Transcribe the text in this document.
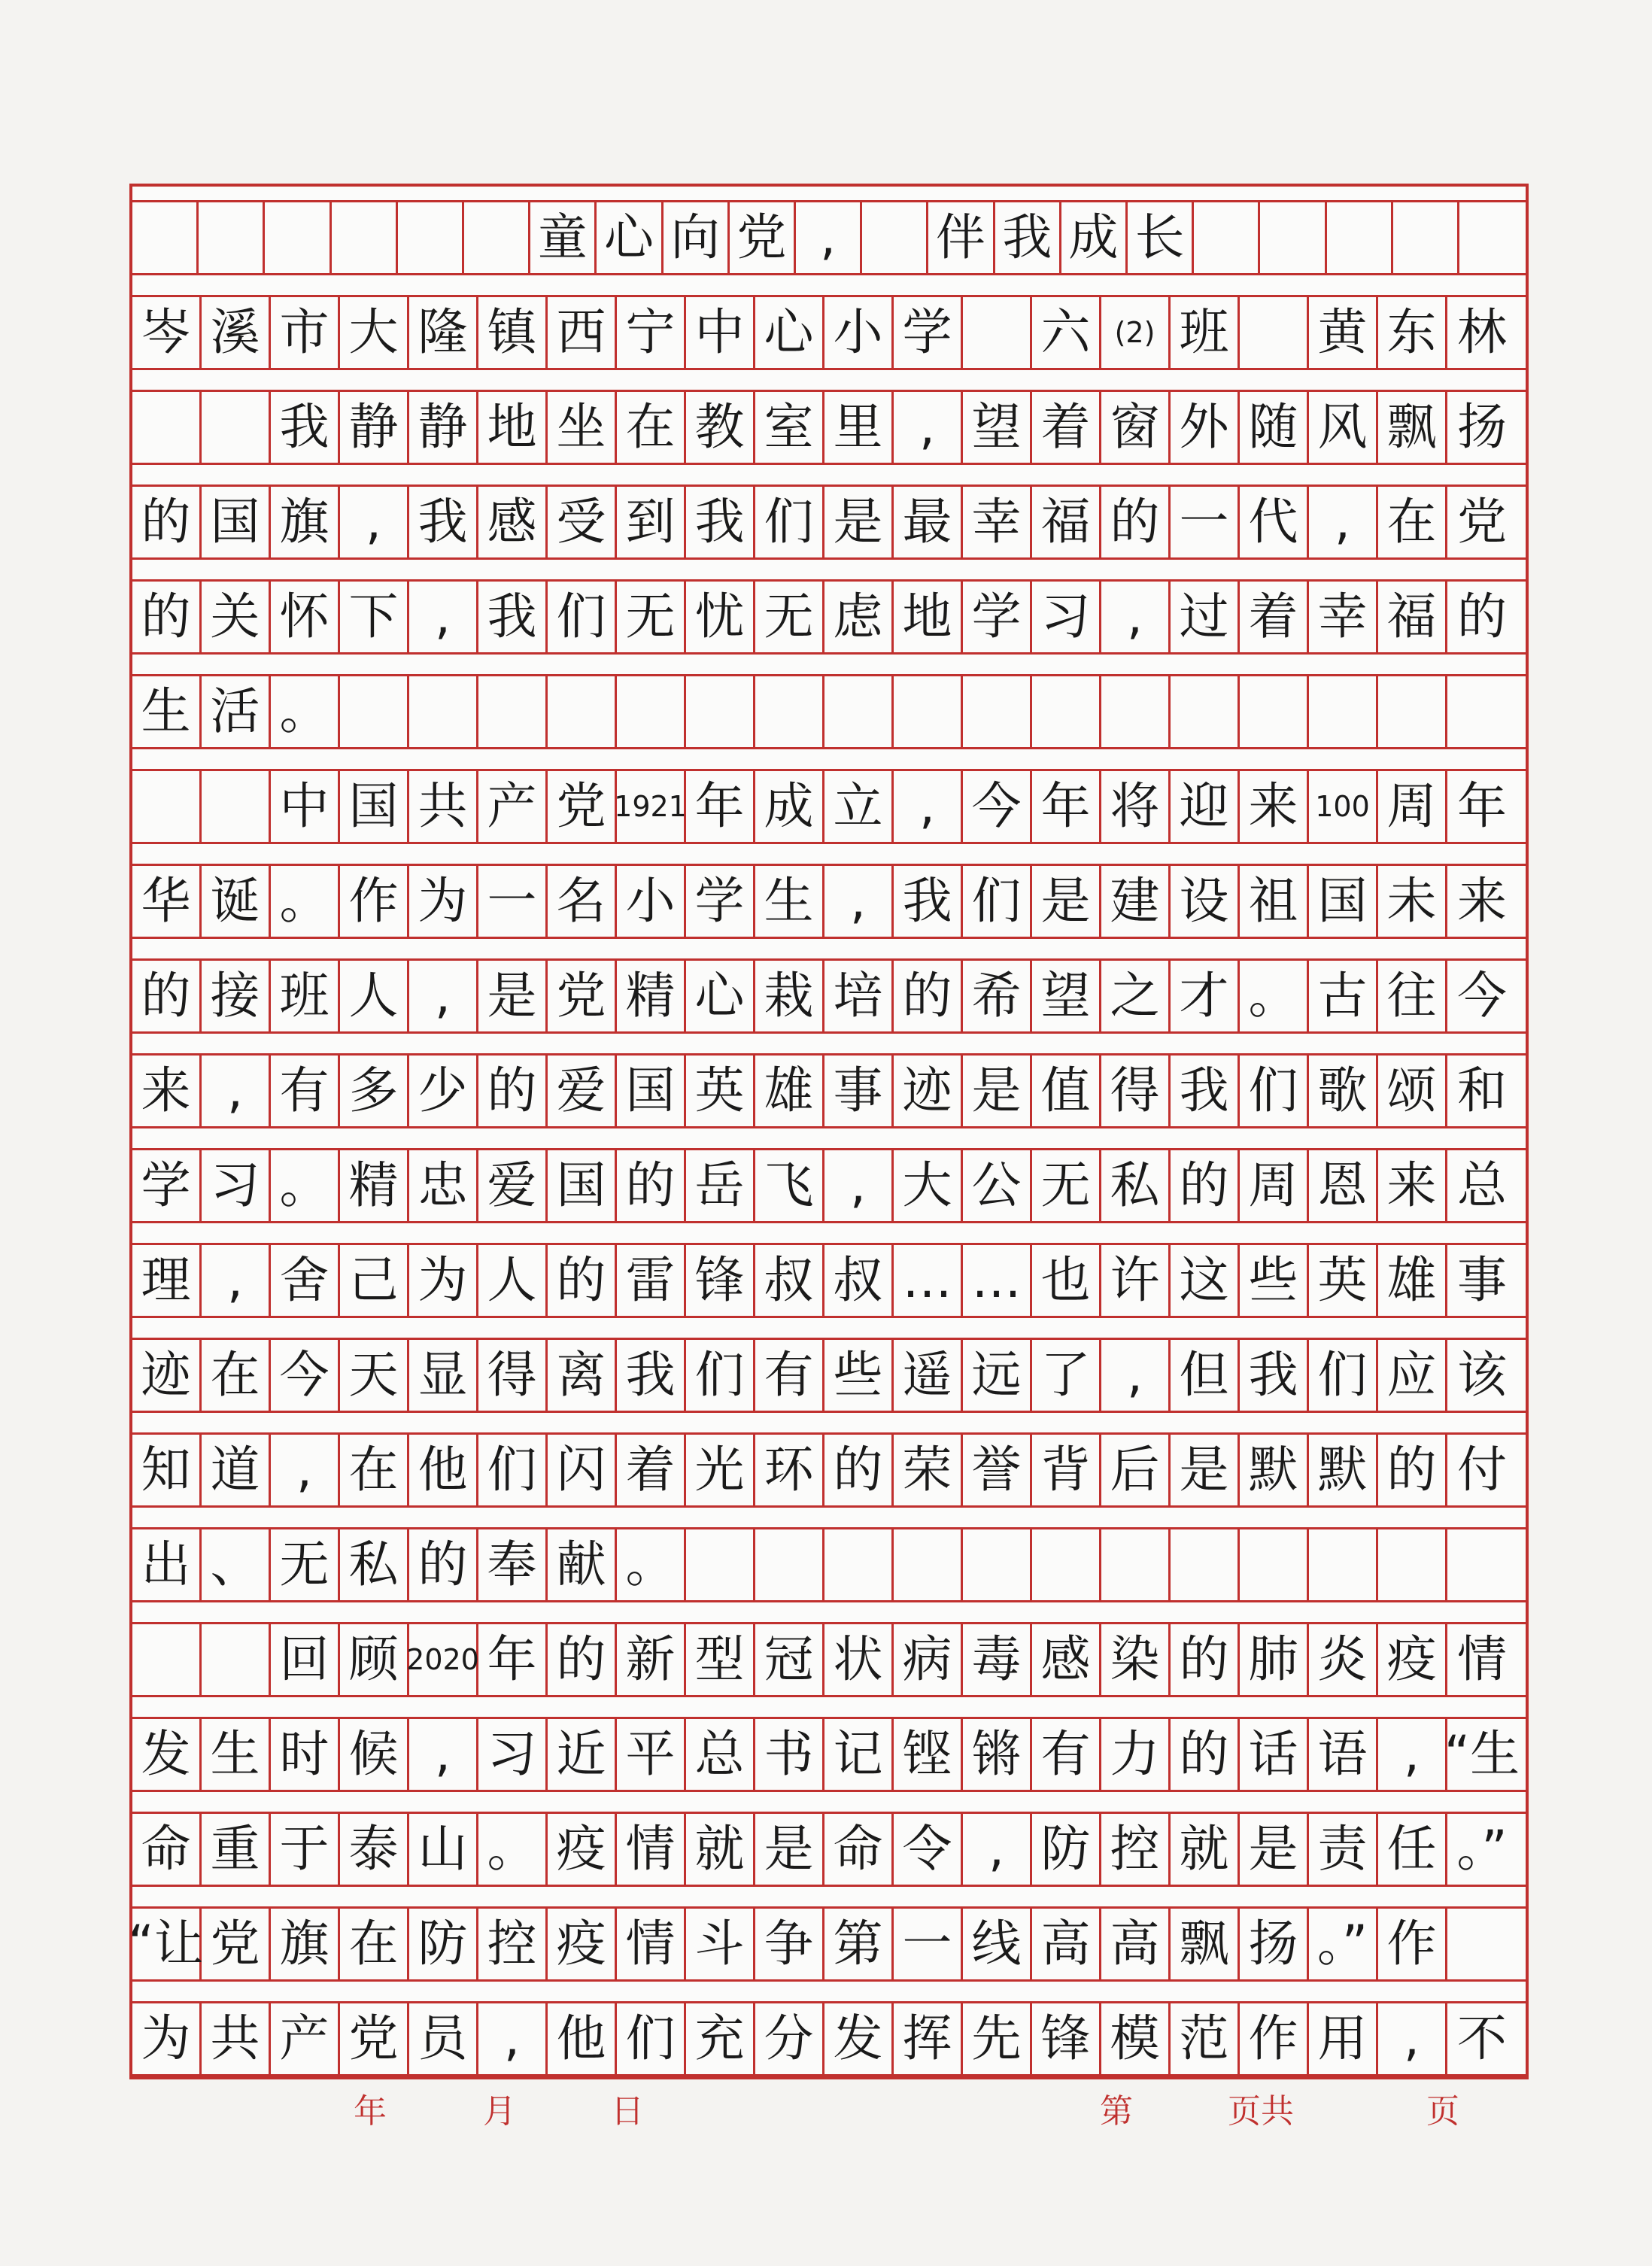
童 心 向 党 ,	伴 我 成 长
岑 溪 市 大 隆 镇 西 宁 中 心 小 学 六 (2) 班 黄 东 林
我 静 静 地 坐 在 教 室 里 , 望 着 窗 外 随 风 飘 扬
的 国 旗 , 我 感 受 到 我 们 是 最 幸 福 的 一 代 , 在 党
的 关 怀 下 , 我 们 无 忧 无 虑 地 学 习 , 过 着 幸 福 的
生 活 。
中 国 共 产 党 1921 年 成 立 , 今 年 将 迎 来 100 周 年
华 诞 。 作 为 一 名 小 学 生 , 我 们 是 建 设 祖 国 未 来
的 接 班 人 , 是 党 精 心 栽 培 的 希 望 之 才 。 古 往 今
来 , 有 多 少 的 爱 国 英 雄 事 迹 是 值 得 我 们 歌 颂 和
学 习 。 精 忠 爱 国 的 岳 飞 , 大 公 无 私 的 周 恩 来 总
理 , 舍 己 为 人 的 雷 锋 叔 叔 … … 也 许 这 些 英 雄 事
迹 在 今 天 显 得 离 我 们 有 些 遥 远 了 , 但 我 们 应 该
知 道 , 在 他 们 闪 着 光 环 的 荣 誉 背 后 是 默 默 的 付
出 、 无 私 的 奉 献 。
回 顾 2020 年 的 新 型 冠 状 病 毒 感 染 的 肺 炎 疫 情
发 生 时 候 , 习 近 平 总 书 记 铿 锵 有 力 的 话 语 , “生
命 重 于 泰 山 。 疫 情 就 是 命 令 , 防 控 就 是 责 任 。”
“让 党 旗 在 防 控 疫 情 斗 争 第 一 线 高 高 飘 扬 。” 作
为 共 产 党 员 , 他 们 充 分 发 挥 先 锋 模 范 作 用 , 不
年	月	日	第	页共	页
